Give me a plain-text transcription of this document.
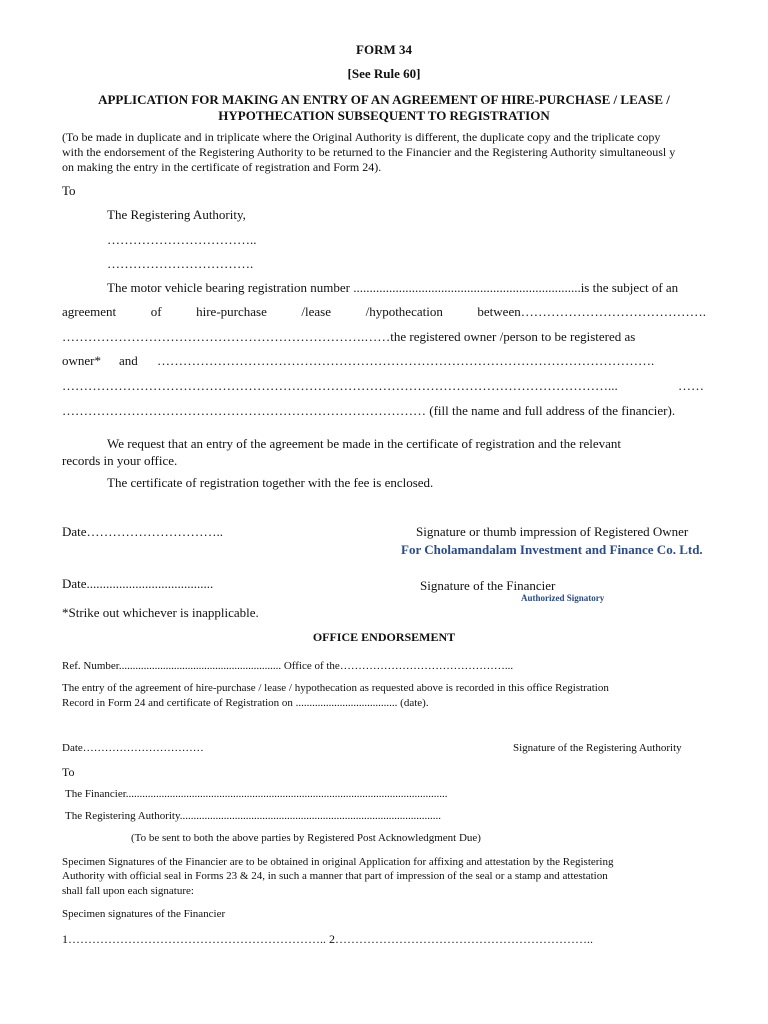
FORM 34
[See Rule 60]
APPLICATION FOR MAKING AN ENTRY OF AN AGREEMENT OF HIRE-PURCHASE / LEASE /
HYPOTHECATION SUBSEQUENT TO REGISTRATION
(To be made in duplicate and in triplicate where the Original Authority is different, the duplicate copy and the triplicate copy
with the endorsement of the Registering Authority to be returned to the Financier and the Registering Authority simultaneousl y
on making the entry in the certificate of registration and Form 24).
To
The Registering Authority,
……………………………..
…………………………….
The motor vehicle bearing registration number ......................................................................is the subject of an
agreement	of	hire-purchase	/lease	/hypothecation	between…………………………………….
…………………………………………………………….……the registered owner /person to be registered as
owner* and …………………………………………………………………………………………………….
………………………………………………………………………………………………………………...	……
………………………………………………………………………… (fill the name and full address of the financier).
We request that an entry of the agreement be made in the certificate of registration and the relevant
records in your office.
The certificate of registration together with the fee is enclosed.
Date…………………………..	Signature or thumb impression of Registered Owner
For Cholamandalam Investment and Finance Co. Ltd.
Date.......................................	Signature of the Financier
Authorized Signatory
*Strike out whichever is inapplicable.
OFFICE ENDORSEMENT
Ref. Number........................................................... Office of the………………………………………...
The entry of the agreement of hire-purchase / lease / hypothecation as requested above is recorded in this office Registration
Record in Form 24 and certificate of Registration on ..................................... (date).
Date……………………………	Signature of the Registering Authority
To
The Financier.....................................................................................................................
The Registering Authority...............................................................................................
(To be sent to both the above parties by Registered Post Acknowledgment Due)
Specimen Signatures of the Financier are to be obtained in original Application for affixing and attestation by the Registering
Authority with official seal in Forms 23 & 24, in such a manner that part of impression of the seal or a stamp and attestation
shall fall upon each signature:
Specimen signatures of the Financier
1……………………………………………………….. 2………………………………………………………..
